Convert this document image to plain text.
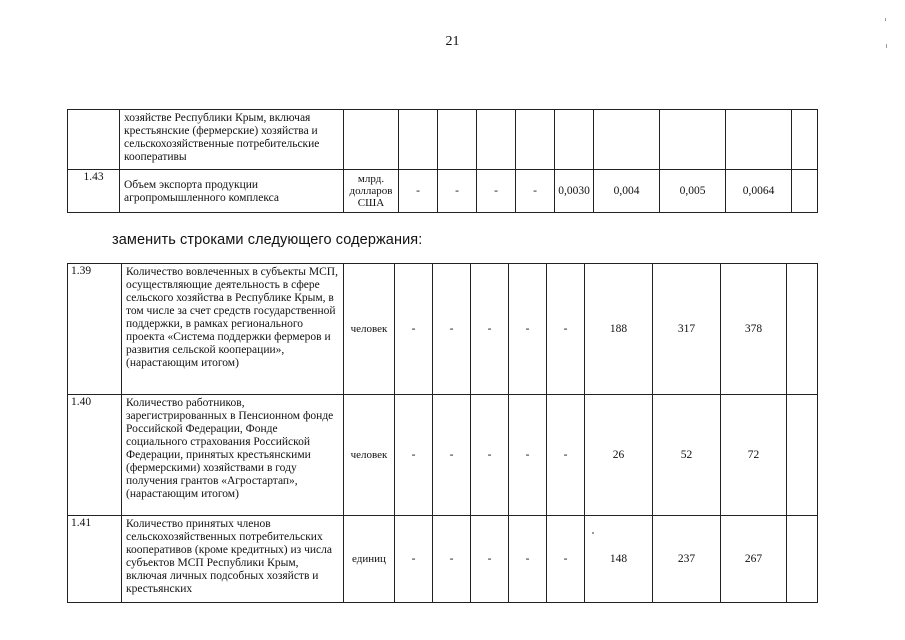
21
	хозяйстве Республики Крым, включая крестьянские (фермерские) хозяйства и сельскохозяйственные потребительские кооперативы										
1.43	Объем экспорта продукции агропромышленного комплекса	млрд. долларов США	-	-	-	-	0,0030	0,004	0,005	0,0064	
заменить строками следующего содержания:
1.39	Количество вовлеченных в субъекты МСП, осуществляющие деятельность в сфере сельского хозяйства в Республике Крым, в том числе за счет средств государственной поддержки, в рамках регионального проекта «Система поддержки фермеров и развития сельской кооперации», (нарастающим итогом)	человек	-	-	-	-	-	188	317	378	
1.40	Количество работников, зарегистрированных в Пенсионном фонде Российской Федерации, Фонде социального страхования Российской Федерации, принятых крестьянскими (фермерскими) хозяйствами в году получения грантов «Агростартап», (нарастающим итогом)	человек	-	-	-	-	-	26	52	72	
1.41	Количество принятых членов сельскохозяйственных потребительских кооперативов (кроме кредитных) из числа субъектов МСП Республики Крым, включая личных подсобных хозяйств и крестьянских	единиц	-	-	-	-	-	148	237	267	
